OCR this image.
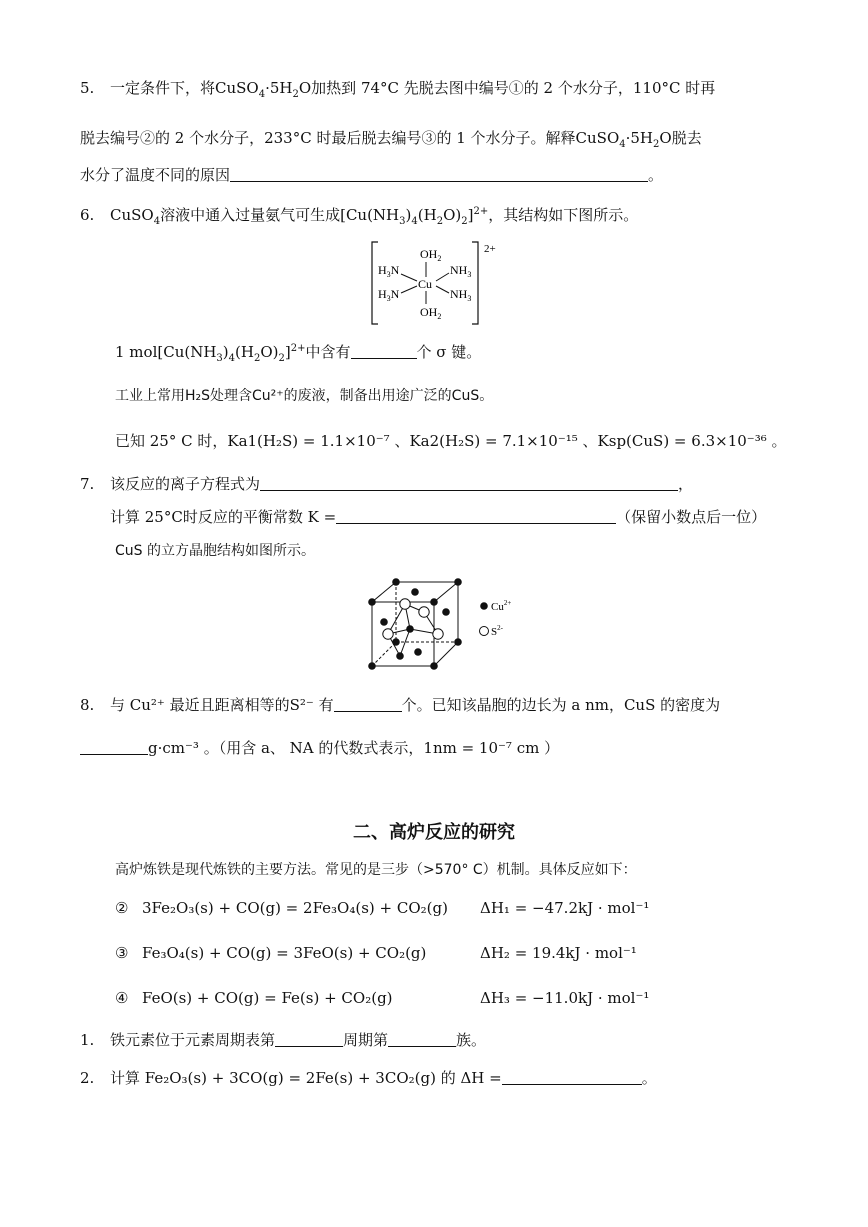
5. 一定条件下，将$CuSO_4\cdot 5H_2O$加热到 74°C 先脱去图中编号①的 2 个水分子，110°C 时再
脱去编号②的 2 个水分子，233°C 时最后脱去编号③的 1 个水分子。解释$CuSO_4\cdot 5H_2O$脱去
水分了温度不同的原因	。
6. CuSO$_4$溶液中通入过量氨气可生成$[Cu(NH_3)_4(H_2O)_2]^{2+}$，其结构如下图所示。
2+
$OH_2$
$OH_2$
Cu
$H_3N$
$H_3N$
$NH_3$
$NH_3$
1 $mol[Cu(NH_3)_4(H_2O)_2]^{2+}$中含有	个 σ 键。
工业上常用H₂S处理含Cu²⁺的废液，制备出用途广泛的CuS。
已知 25° C 时，Ka1(H₂S) = 1.1×10⁻⁷ 、Ka2(H₂S) = 7.1×10⁻¹⁵ 、Ksp(CuS) = 6.3×10⁻³⁶ 。
7. 该反应的离子方程式为	，
计算 25°C时反应的平衡常数 K =	（保留小数点后一位）
CuS 的立方晶胞结构如图所示。
$Cu^{2+}$
$S^{2-}$
8. 与 Cu²⁺ 最近且距离相等的S²⁻ 有	个。已知该晶胞的边长为 a nm，CuS 的密度为
g·cm⁻³ 。（用含 a、 NA 的代数式表示，1nm = 10⁻⁷ cm ）
二、高炉反应的研究
高炉炼铁是现代炼铁的主要方法。常见的是三步（>570° C）机制。具体反应如下：
② 3Fe₂O₃(s) + CO(g) = 2Fe₃O₄(s) + CO₂(g) ΔH₁ = −47.2kJ · mol⁻¹
③ Fe₃O₄(s) + CO(g) = 3FeO(s) + CO₂(g)	ΔH₂ = 19.4kJ · mol⁻¹
④ FeO(s) + CO(g) = Fe(s) + CO₂(g)	ΔH₃ = −11.0kJ · mol⁻¹
1. 铁元素位于元素周期表第	周期第	族。
2. 计算 Fe₂O₃(s) + 3CO(g) = 2Fe(s) + 3CO₂(g) 的 ΔH =	。
